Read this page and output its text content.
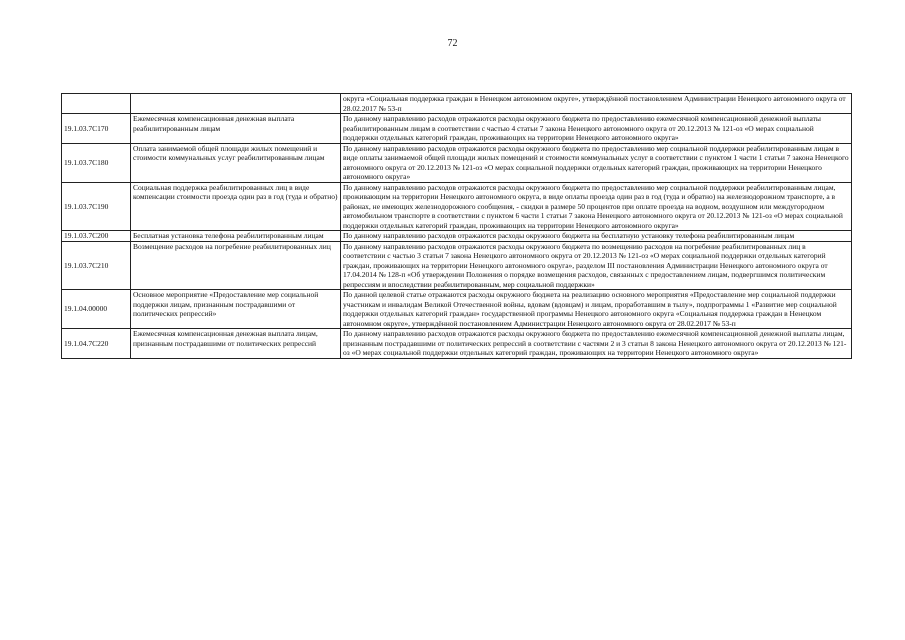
72
		округа «Социальная поддержка граждан в Ненецком автономном округе», утверждённой постановлением Администрации Ненецкого автономного округа от 28.02.2017 № 53-п
19.1.03.7С170	Ежемесячная компенсационная денежная выплата реабилитированным лицам	По данному направлению расходов отражаются расходы окружного бюджета по предоставлению ежемесячной компенсационной денежной выплаты реабилитированным лицам в соответствии с частью 4 статьи 7 закона Ненецкого автономного округа от 20.12.2013 № 121-оз «О мерах социальной поддержки отдельных категорий граждан, проживающих на территории Ненецкого автономного округа»
19.1.03.7С180	Оплата занимаемой общей площади жилых помещений и стоимости коммунальных услуг реабилитированным лицам	По данному направлению расходов отражаются расходы окружного бюджета по предоставлению мер социальной поддержки реабилитированным лицам в виде оплаты занимаемой общей площади жилых помещений и стоимости коммунальных услуг в соответствии с пунктом 1 части 1 статьи 7 закона Ненецкого автономного округа от 20.12.2013 № 121-оз «О мерах социальной поддержки отдельных категорий граждан, проживающих на территории Ненецкого автономного округа»
19.1.03.7С190	Социальная поддержка реабилитированных лиц в виде компенсации стоимости проезда один раз в год (туда и обратно)	По данному направлению расходов отражаются расходы окружного бюджета по предоставлению мер социальной поддержки реабилитированным лицам, проживающим на территории Ненецкого автономного округа, в виде оплаты проезда один раз в год (туда и обратно) на железнодорожном транспорте, а в районах, не имеющих железнодорожного сообщения, - скидки в размере 50 процентов при оплате проезда на водном, воздушном или междугородном автомобильном транспорте в соответствии с пунктом 6 части 1 статьи 7 закона Ненецкого автономного округа от 20.12.2013 № 121-оз «О мерах социальной поддержки отдельных категорий граждан, проживающих на территории Ненецкого автономного округа»
19.1.03.7С200	Бесплатная установка телефона реабилитированным лицам	По данному направлению расходов отражаются расходы окружного бюджета на бесплатную установку телефона реабилитированным лицам
19.1.03.7С210	Возмещение расходов на погребение реабилитированных лиц	По данному направлению расходов отражаются расходы окружного бюджета по возмещению расходов на погребение реабилитированных лиц в соответствии с частью 3 статьи 7 закона Ненецкого автономного округа от 20.12.2013 № 121-оз «О мерах социальной поддержки отдельных категорий граждан, проживающих на территории Ненецкого автономного округа», разделом III постановления Администрации Ненецкого автономного округа от 17.04.2014 № 128-п «Об утверждении Положения о порядке возмещения расходов, связанных с предоставлением лицам, подвергшимся политическим репрессиям и впоследствии реабилитированным, мер социальной поддержки»
19.1.04.00000	Основное мероприятие «Предоставление мер социальной поддержки лицам, признанным пострадавшими от политических репрессий»	По данной целевой статье отражаются расходы окружного бюджета на реализацию основного мероприятия «Предоставление мер социальной поддержки участникам и инвалидам Великой Отечественной войны, вдовам (вдовцам) и лицам, проработавшим в тылу», подпрограммы 1 «Развитие мер социальной поддержки отдельных категорий граждан» государственной программы Ненецкого автономного округа «Социальная поддержка граждан в Ненецком автономном округе», утверждённой постановлением Администрации Ненецкого автономного округа от 28.02.2017 № 53-п
19.1.04.7С220	Ежемесячная компенсационная денежная выплата лицам, признанным пострадавшими от политических репрессий	По данному направлению расходов отражаются расходы окружного бюджета по предоставлению ежемесячной компенсационной денежной выплаты лицам, признанным пострадавшими от политических репрессий в соответствии с частями 2 и 3 статьи 8 закона Ненецкого автономного округа от 20.12.2013 № 121-оз «О мерах социальной поддержки отдельных категорий граждан, проживающих на территории Ненецкого автономного округа»
